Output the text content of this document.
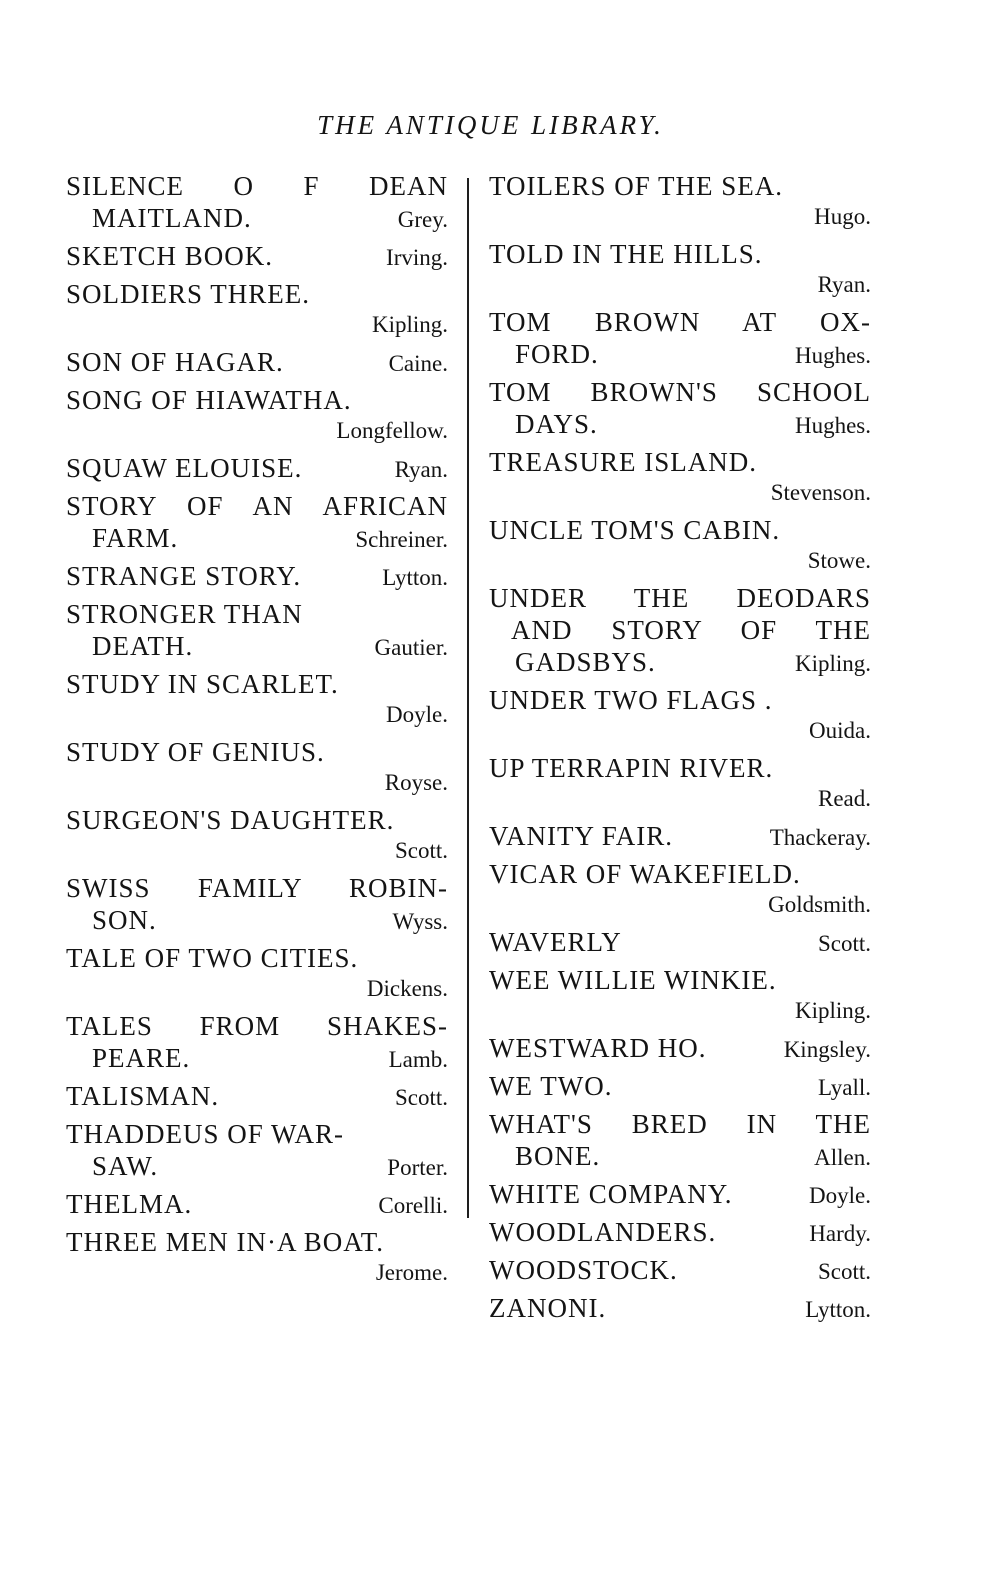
THE ANTIQUE LIBRARY.
SILENCE O F DEAN
MAITLAND.	Grey.
SKETCH BOOK.	Irving.
SOLDIERS THREE.
Kipling.
SON OF HAGAR.	Caine.
SONG OF HIAWATHA.
Longfellow.
SQUAW ELOUISE.	Ryan.
STORY OF AN AFRICAN
FARM.	Schreiner.
STRANGE STORY.	Lytton.
STRONGER THAN
DEATH.	Gautier.
STUDY IN SCARLET.
Doyle.
STUDY OF GENIUS.
Royse.
SURGEON'S DAUGHTER.
Scott.
SWISS FAMILY ROBIN-
SON.	Wyss.
TALE OF TWO CITIES.
Dickens.
TALES FROM SHAKES-
PEARE.	Lamb.
TALISMAN.	Scott.
THADDEUS OF WAR-
SAW.	Porter.
THELMA.	Corelli.
THREE MEN IN·A BOAT.
Jerome.
TOILERS OF THE SEA.
Hugo.
TOLD IN THE HILLS.
Ryan.
TOM BROWN AT OX-
FORD.	Hughes.
TOM BROWN'S SCHOOL
DAYS.	Hughes.
TREASURE ISLAND.
Stevenson.
UNCLE TOM'S CABIN.
Stowe.
UNDER THE DEODARS
AND STORY OF THE
GADSBYS.	Kipling.
UNDER TWO FLAGS .
Ouida.
UP TERRAPIN RIVER.
Read.
VANITY FAIR.	Thackeray.
VICAR OF WAKEFIELD.
Goldsmith.
WAVERLY	Scott.
WEE WILLIE WINKIE.
Kipling.
WESTWARD HO.	Kingsley.
WE TWO.	Lyall.
WHAT'S BRED IN THE
BONE.	Allen.
WHITE COMPANY.	Doyle.
WOODLANDERS.	Hardy.
WOODSTOCK.	Scott.
ZANONI.	Lytton.
